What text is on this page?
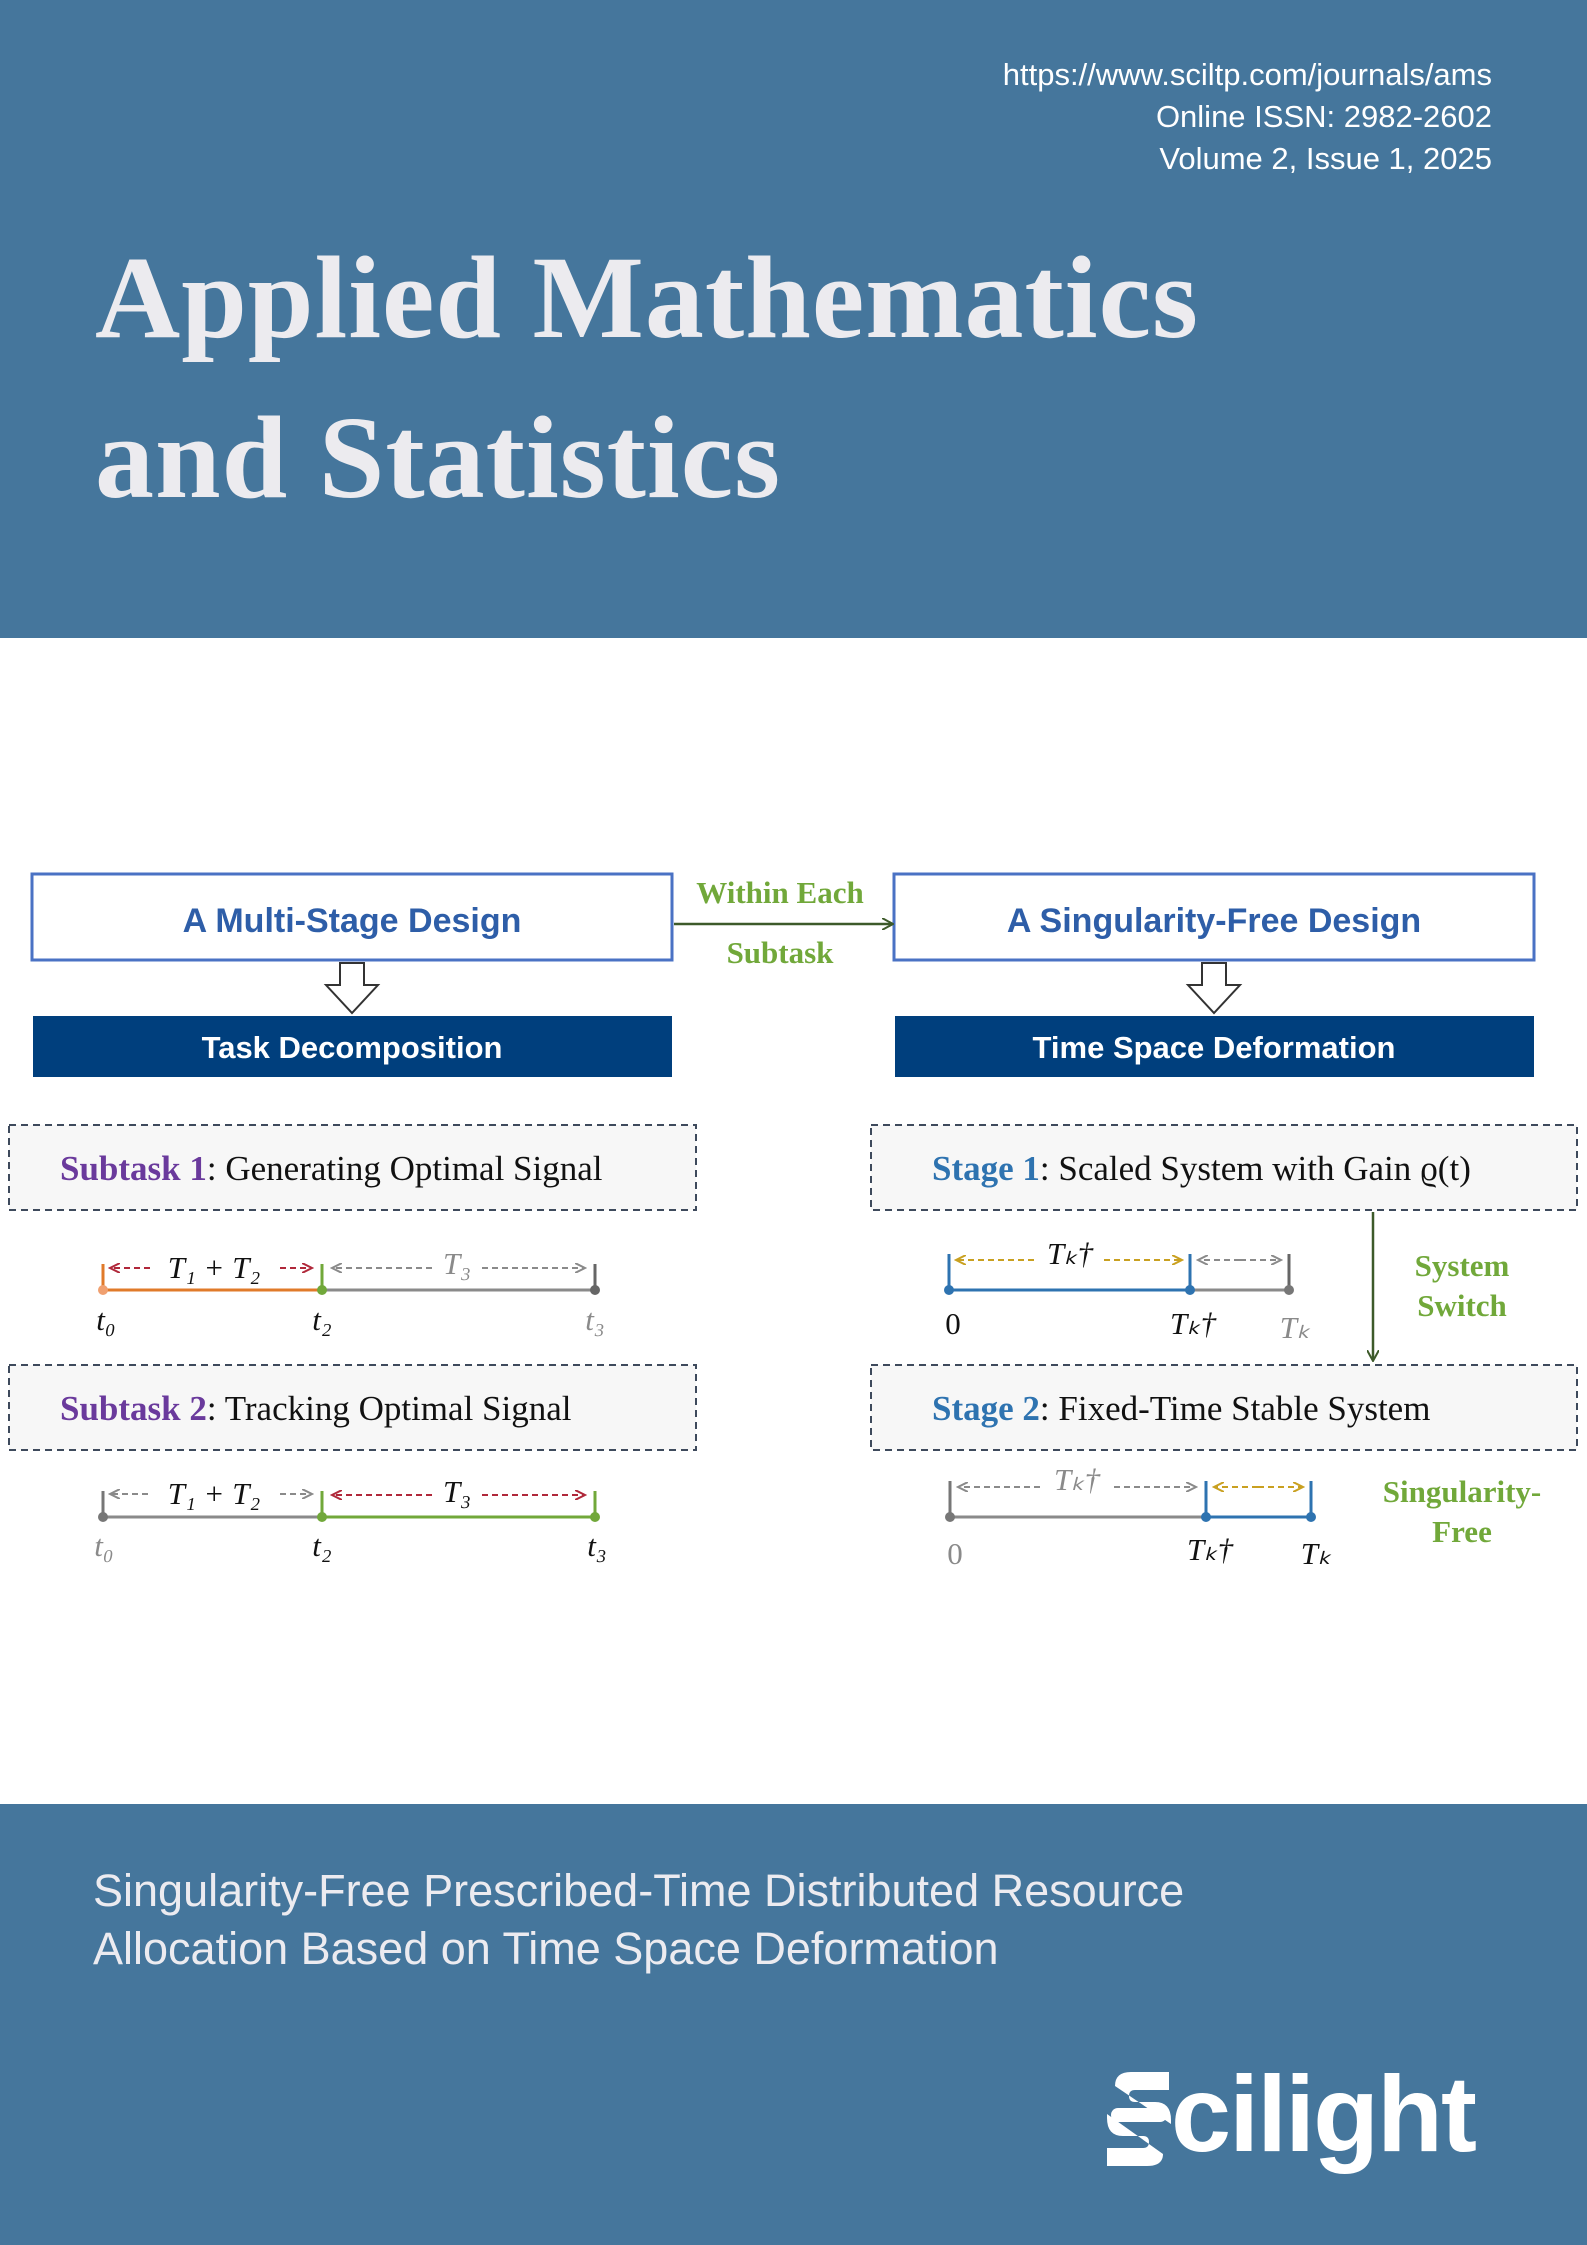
https://www.sciltp.com/journals/ams
Online ISSN: 2982-2602
Volume 2, Issue 1, 2025
Applied Mathematics
and Statistics
A Multi-Stage Design	A Singularity-Free Design
Within Each
Subtask
Task Decomposition	Time Space Deformation
Subtask 1: Generating Optimal Signal
T₁ + T₂	T₃
t₀	t₂	t₃
Subtask 2: Tracking Optimal Signal
T₁ + T₂	T₃
t₀	t₂	t₃
Stage 1: Scaled System with Gain ϱ(t)
Tₖ†
0	Tₖ† Tₖ
System
Switch
Stage 2: Fixed-Time Stable System
Tₖ†
0	Tₖ† Tₖ
Singularity-
Free
Singularity-Free Prescribed-Time Distributed Resource
Allocation Based on Time Space Deformation
cilight
